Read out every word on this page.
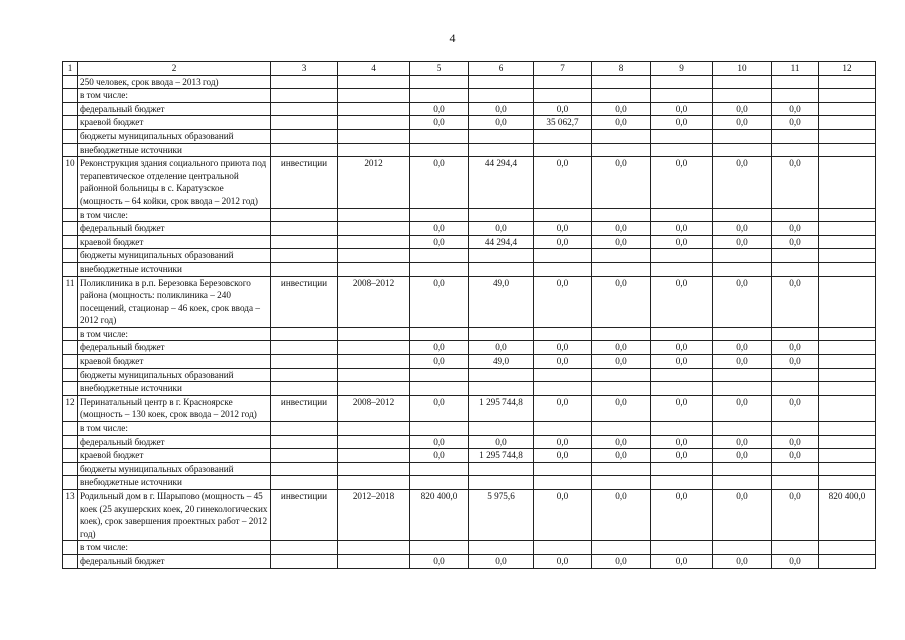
4
1	2	3	4	5	6	7	8	9	10	11	12
	250 человек, срок ввода – 2013 год)										
	в том числе:										
	федеральный бюджет			0,0	0,0	0,0	0,0	0,0	0,0	0,0	
	краевой бюджет			0,0	0,0	35 062,7	0,0	0,0	0,0	0,0	
	бюджеты муниципальных образований										
	внебюджетные источники										
10	Реконструкция здания социального приюта под терапевтическое отделение центральной районной больницы в с. Каратузское (мощность – 64 койки, срок ввода – 2012 год)	инвестиции	2012	0,0	44 294,4	0,0	0,0	0,0	0,0	0,0	
	в том числе:										
	федеральный бюджет			0,0	0,0	0,0	0,0	0,0	0,0	0,0	
	краевой бюджет			0,0	44 294,4	0,0	0,0	0,0	0,0	0,0	
	бюджеты муниципальных образований										
	внебюджетные источники										
11	Поликлиника в р.п. Березовка Березовского района (мощность: поликлиника – 240 посещений, стационар – 46 коек, срок ввода – 2012 год)	инвестиции	2008–2012	0,0	49,0	0,0	0,0	0,0	0,0	0,0	
	в том числе:										
	федеральный бюджет			0,0	0,0	0,0	0,0	0,0	0,0	0,0	
	краевой бюджет			0,0	49,0	0,0	0,0	0,0	0,0	0,0	
	бюджеты муниципальных образований										
	внебюджетные источники										
12	Перинатальный центр в г. Красноярске (мощность – 130 коек, срок ввода – 2012 год)	инвестиции	2008–2012	0,0	1 295 744,8	0,0	0,0	0,0	0,0	0,0	
	в том числе:										
	федеральный бюджет			0,0	0,0	0,0	0,0	0,0	0,0	0,0	
	краевой бюджет			0,0	1 295 744,8	0,0	0,0	0,0	0,0	0,0	
	бюджеты муниципальных образований										
	внебюджетные источники										
13	Родильный дом в г. Шарыпово (мощность – 45 коек (25 акушерских коек, 20 гинекологических коек), срок завершения проектных работ – 2012 год)	инвестиции	2012–2018	820 400,0	5 975,6	0,0	0,0	0,0	0,0	0,0	820 400,0
	в том числе:										
	федеральный бюджет			0,0	0,0	0,0	0,0	0,0	0,0	0,0	
